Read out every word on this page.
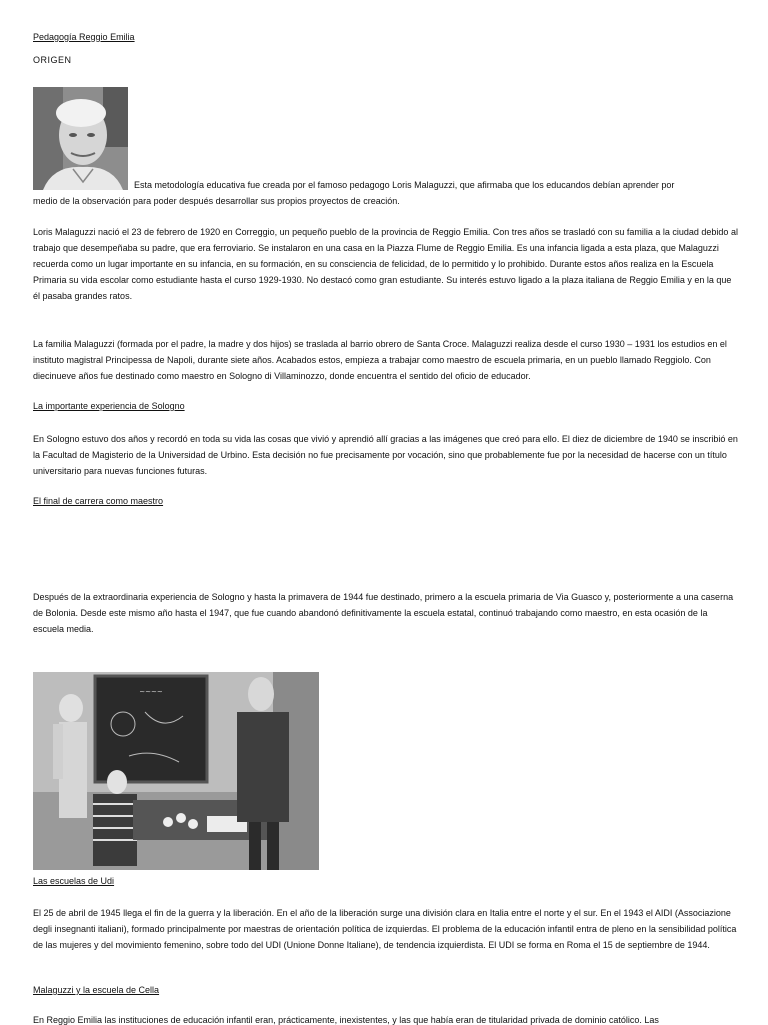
Pedagogía Reggio Emilia
ORIGEN
Esta metodología educativa fue creada por el famoso pedagogo Loris Malaguzzi, que afirmaba que los educandos debían aprender por
medio de la observación para poder después desarrollar sus propios proyectos de creación.
Loris Malaguzzi nació el 23 de febrero de 1920 en Correggio, un pequeño pueblo de la provincia de Reggio Emilia. Con tres años se trasladó con su familia a la ciudad debido al trabajo que desempeñaba su padre, que era ferroviario. Se instalaron en una casa en la Piazza Flume de Reggio Emilia. Es una infancia ligada a esta plaza, que Malaguzzi recuerda como un lugar importante en su infancia, en su formación, en su consciencia de felicidad, de lo permitido y lo prohibido. Durante estos años realiza en la Escuela Primaria su vida escolar como estudiante hasta el curso 1929-1930. No destacó como gran estudiante. Su interés estuvo ligado a la plaza italiana de Reggio Emilia y en la que él pasaba grandes ratos.
La familia Malaguzzi (formada por el padre, la madre y dos hijos) se traslada al barrio obrero de Santa Croce. Malaguzzi realiza desde el curso 1930 – 1931 los estudios en el instituto magistral Principessa de Napoli, durante siete años. Acabados estos, empieza a trabajar como maestro de escuela primaria, en un pueblo llamado Reggiolo. Con diecinueve años fue destinado como maestro en Sologno di Villaminozzo, donde encuentra el sentido del oficio de educador.
La importante experiencia de Sologno
En Sologno estuvo dos años y recordó en toda su vida las cosas que vivió y aprendió allí gracias a las imágenes que creó para ello. El diez de diciembre de 1940 se inscribió en la Facultad de Magisterio de la Universidad de Urbino. Esta decisión no fue precisamente por vocación, sino que probablemente fue por la necesidad de hacerse con un título universitario para nuevas funciones futuras.
El final de carrera como maestro
Después de la extraordinaria experiencia de Sologno y hasta la primavera de 1944 fue destinado, primero a la escuela primaria de Via Guasco y, posteriormente a una caserna de Bolonia. Desde este mismo año hasta el 1947, que fue cuando abandonó definitivamente la escuela estatal, continuó trabajando como maestro, en esta ocasión de la escuela media.
~~~~
Las escuelas de Udi
El 25 de abril de 1945 llega el fin de la guerra y la liberación. En el año de la liberación surge una división clara en Italia entre el norte y el sur. En el 1943 el AIDI (Associazione degli insegnanti italiani), formado principalmente por maestras de orientación política de izquierdas. El problema de la educación infantil entra de pleno en la sensibilidad política de las mujeres y del movimiento femenino, sobre todo del UDI (Unione Donne Italiane), de tendencia izquierdista. El UDI se forma en Roma el 15 de septiembre de 1944.
Malaguzzi y la escuela de Cella
En Reggio Emilia las instituciones de educación infantil eran, prácticamente, inexistentes, y las que había eran de titularidad privada de dominio católico. Las
